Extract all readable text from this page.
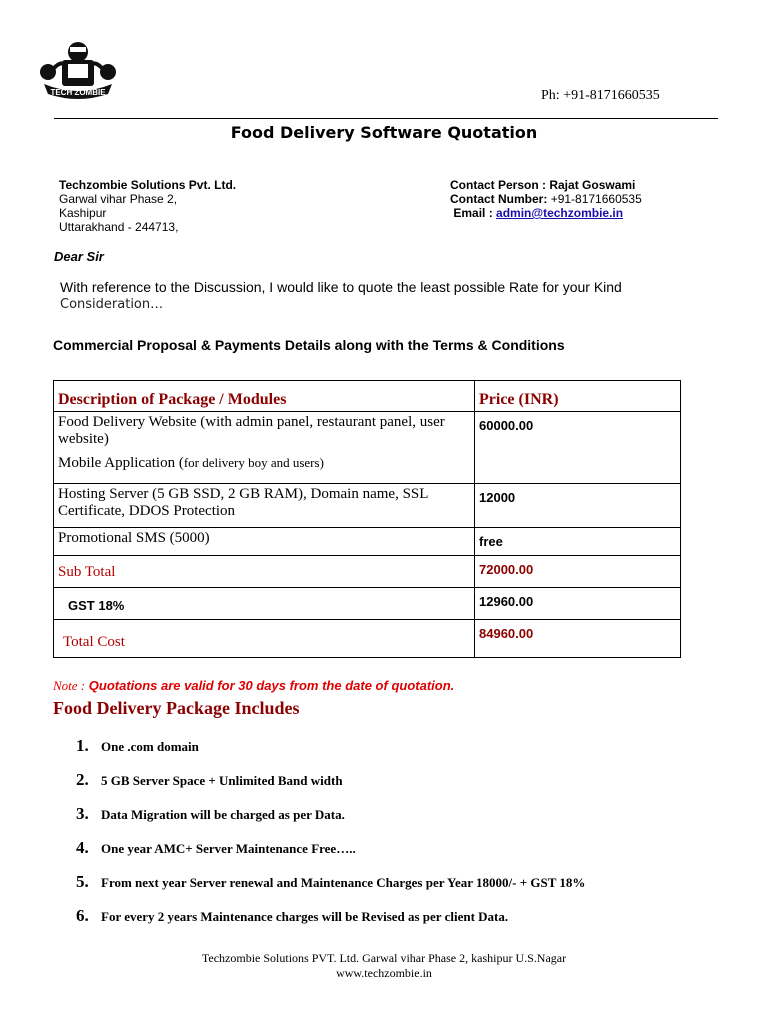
TECH ZOMBIE	Ph: +91-8171660535
Food Delivery Software Quotation
Techzombie Solutions Pvt. Ltd.
Garwal vihar Phase 2,
Kashipur
Uttarakhand - 244713,
Contact Person : Rajat Goswami
Contact Number: +91-8171660535
Email : admin@techzombie.in
Dear Sir
With reference to the Discussion, I would like to quote the least possible Rate for your Kind
Consideration…
Commercial Proposal & Payments Details along with the Terms & Conditions
Description of Package / Modules	Price (INR)

Food Delivery Website (with admin panel, restaurant panel, user website)
Mobile Application (for delivery boy and users)	60000.00
Hosting Server (5 GB SSD, 2 GB RAM), Domain name, SSL Certificate, DDOS Protection	12000
Promotional SMS (5000)	free
Sub Total	72000.00
GST 18%	12960.00
Total Cost	84960.00
Note : Quotations are valid for 30 days from the date of quotation.
Food Delivery Package Includes
1. One .com domain
2. 5 GB Server Space + Unlimited Band width
3. Data Migration will be charged as per Data.
4. One year AMC+ Server Maintenance Free…..
5. From next year Server renewal and Maintenance Charges per Year 18000/- + GST 18%
6. For every 2 years Maintenance charges will be Revised as per client Data.
Techzombie Solutions PVT. Ltd. Garwal vihar Phase 2, kashipur U.S.Nagar
www.techzombie.in
